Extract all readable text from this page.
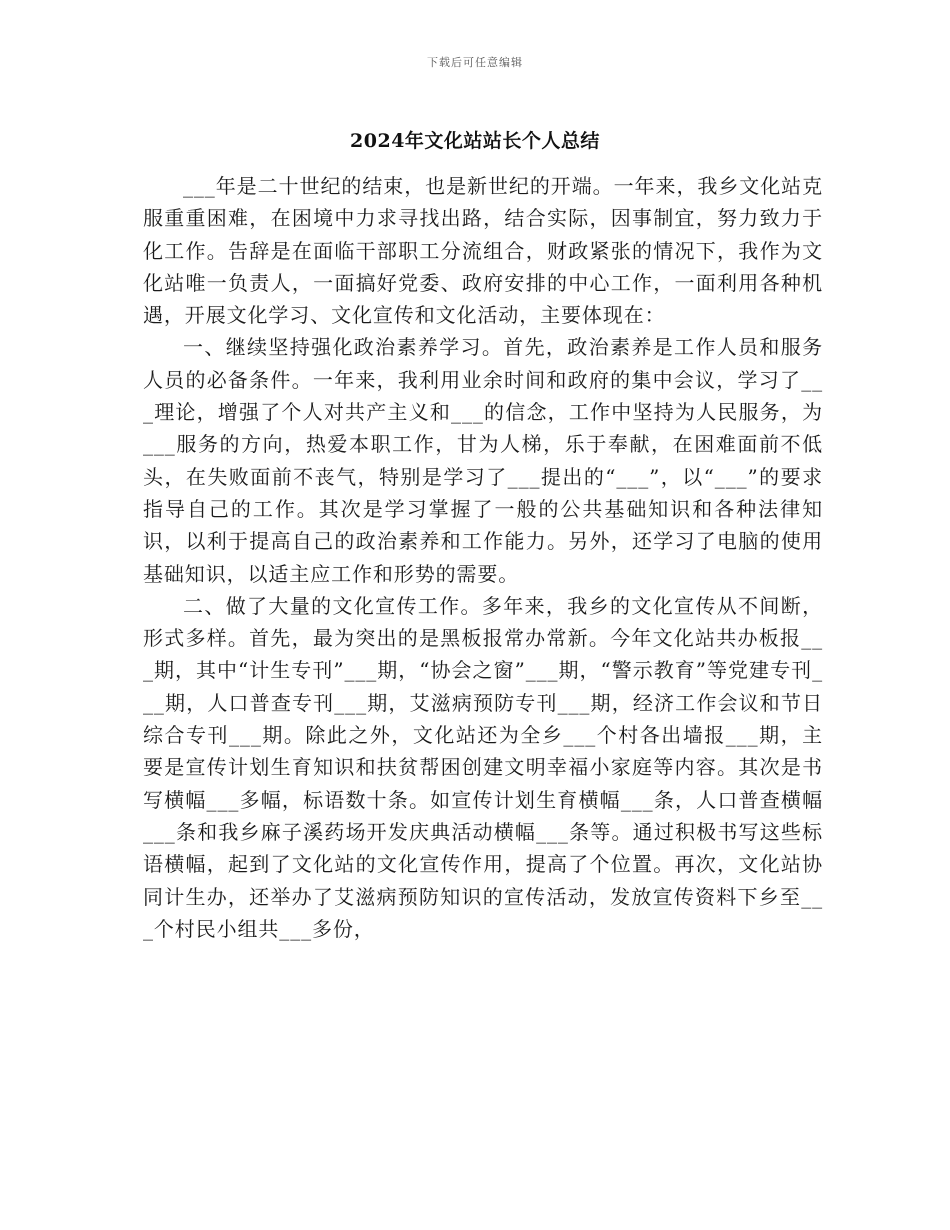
下载后可任意编辑
2024年文化站站长个人总结

___年是二十世纪的结束，也是新世纪的开端。一年来，我乡文化站克服重重困难，在困境中力求寻找出路，结合实际，因事制宜，努力致力于化工作。告辞是在面临干部职工分流组合，财政紧张的情况下，我作为文化站唯一负责人，一面搞好党委、政府安排的中心工作，一面利用各种机遇，开展文化学习、文化宣传和文化活动，主要体现在：

一、继续坚持强化政治素养学习。首先，政治素养是工作人员和服务人员的必备条件。一年来，我利用业余时间和政府的集中会议，学习了___理论，增强了个人对共产主义和___的信念，工作中坚持为人民服务，为___服务的方向，热爱本职工作，甘为人梯，乐于奉献，在困难面前不低头，在失败面前不丧气，特别是学习了___提出的“___”，以“___”的要求指导自己的工作。其次是学习掌握了一般的公共基础知识和各种法律知识，以利于提高自己的政治素养和工作能力。另外，还学习了电脑的使用基础知识，以适主应工作和形势的需要。

二、做了大量的文化宣传工作。多年来，我乡的文化宣传从不间断，形式多样。首先，最为突出的是黑板报常办常新。今年文化站共办板报___期，其中“计生专刊”___期，“协会之窗”___期，“警示教育”等党建专刊___期，人口普查专刊___期，艾滋病预防专刊___期，经济工作会议和节日综合专刊___期。除此之外，文化站还为全乡___个村各出墙报___期，主要是宣传计划生育知识和扶贫帮困创建文明幸福小家庭等内容。其次是书写横幅___多幅，标语数十条。如宣传计划生育横幅___条，人口普查横幅___条和我乡麻子溪药场开发庆典活动横幅___条等。通过积极书写这些标语横幅，起到了文化站的文化宣传作用，提高了个位置。再次，文化站协同计生办，还举办了艾滋病预防知识的宣传活动，发放宣传资料下乡至___个村民小组共___多份，
